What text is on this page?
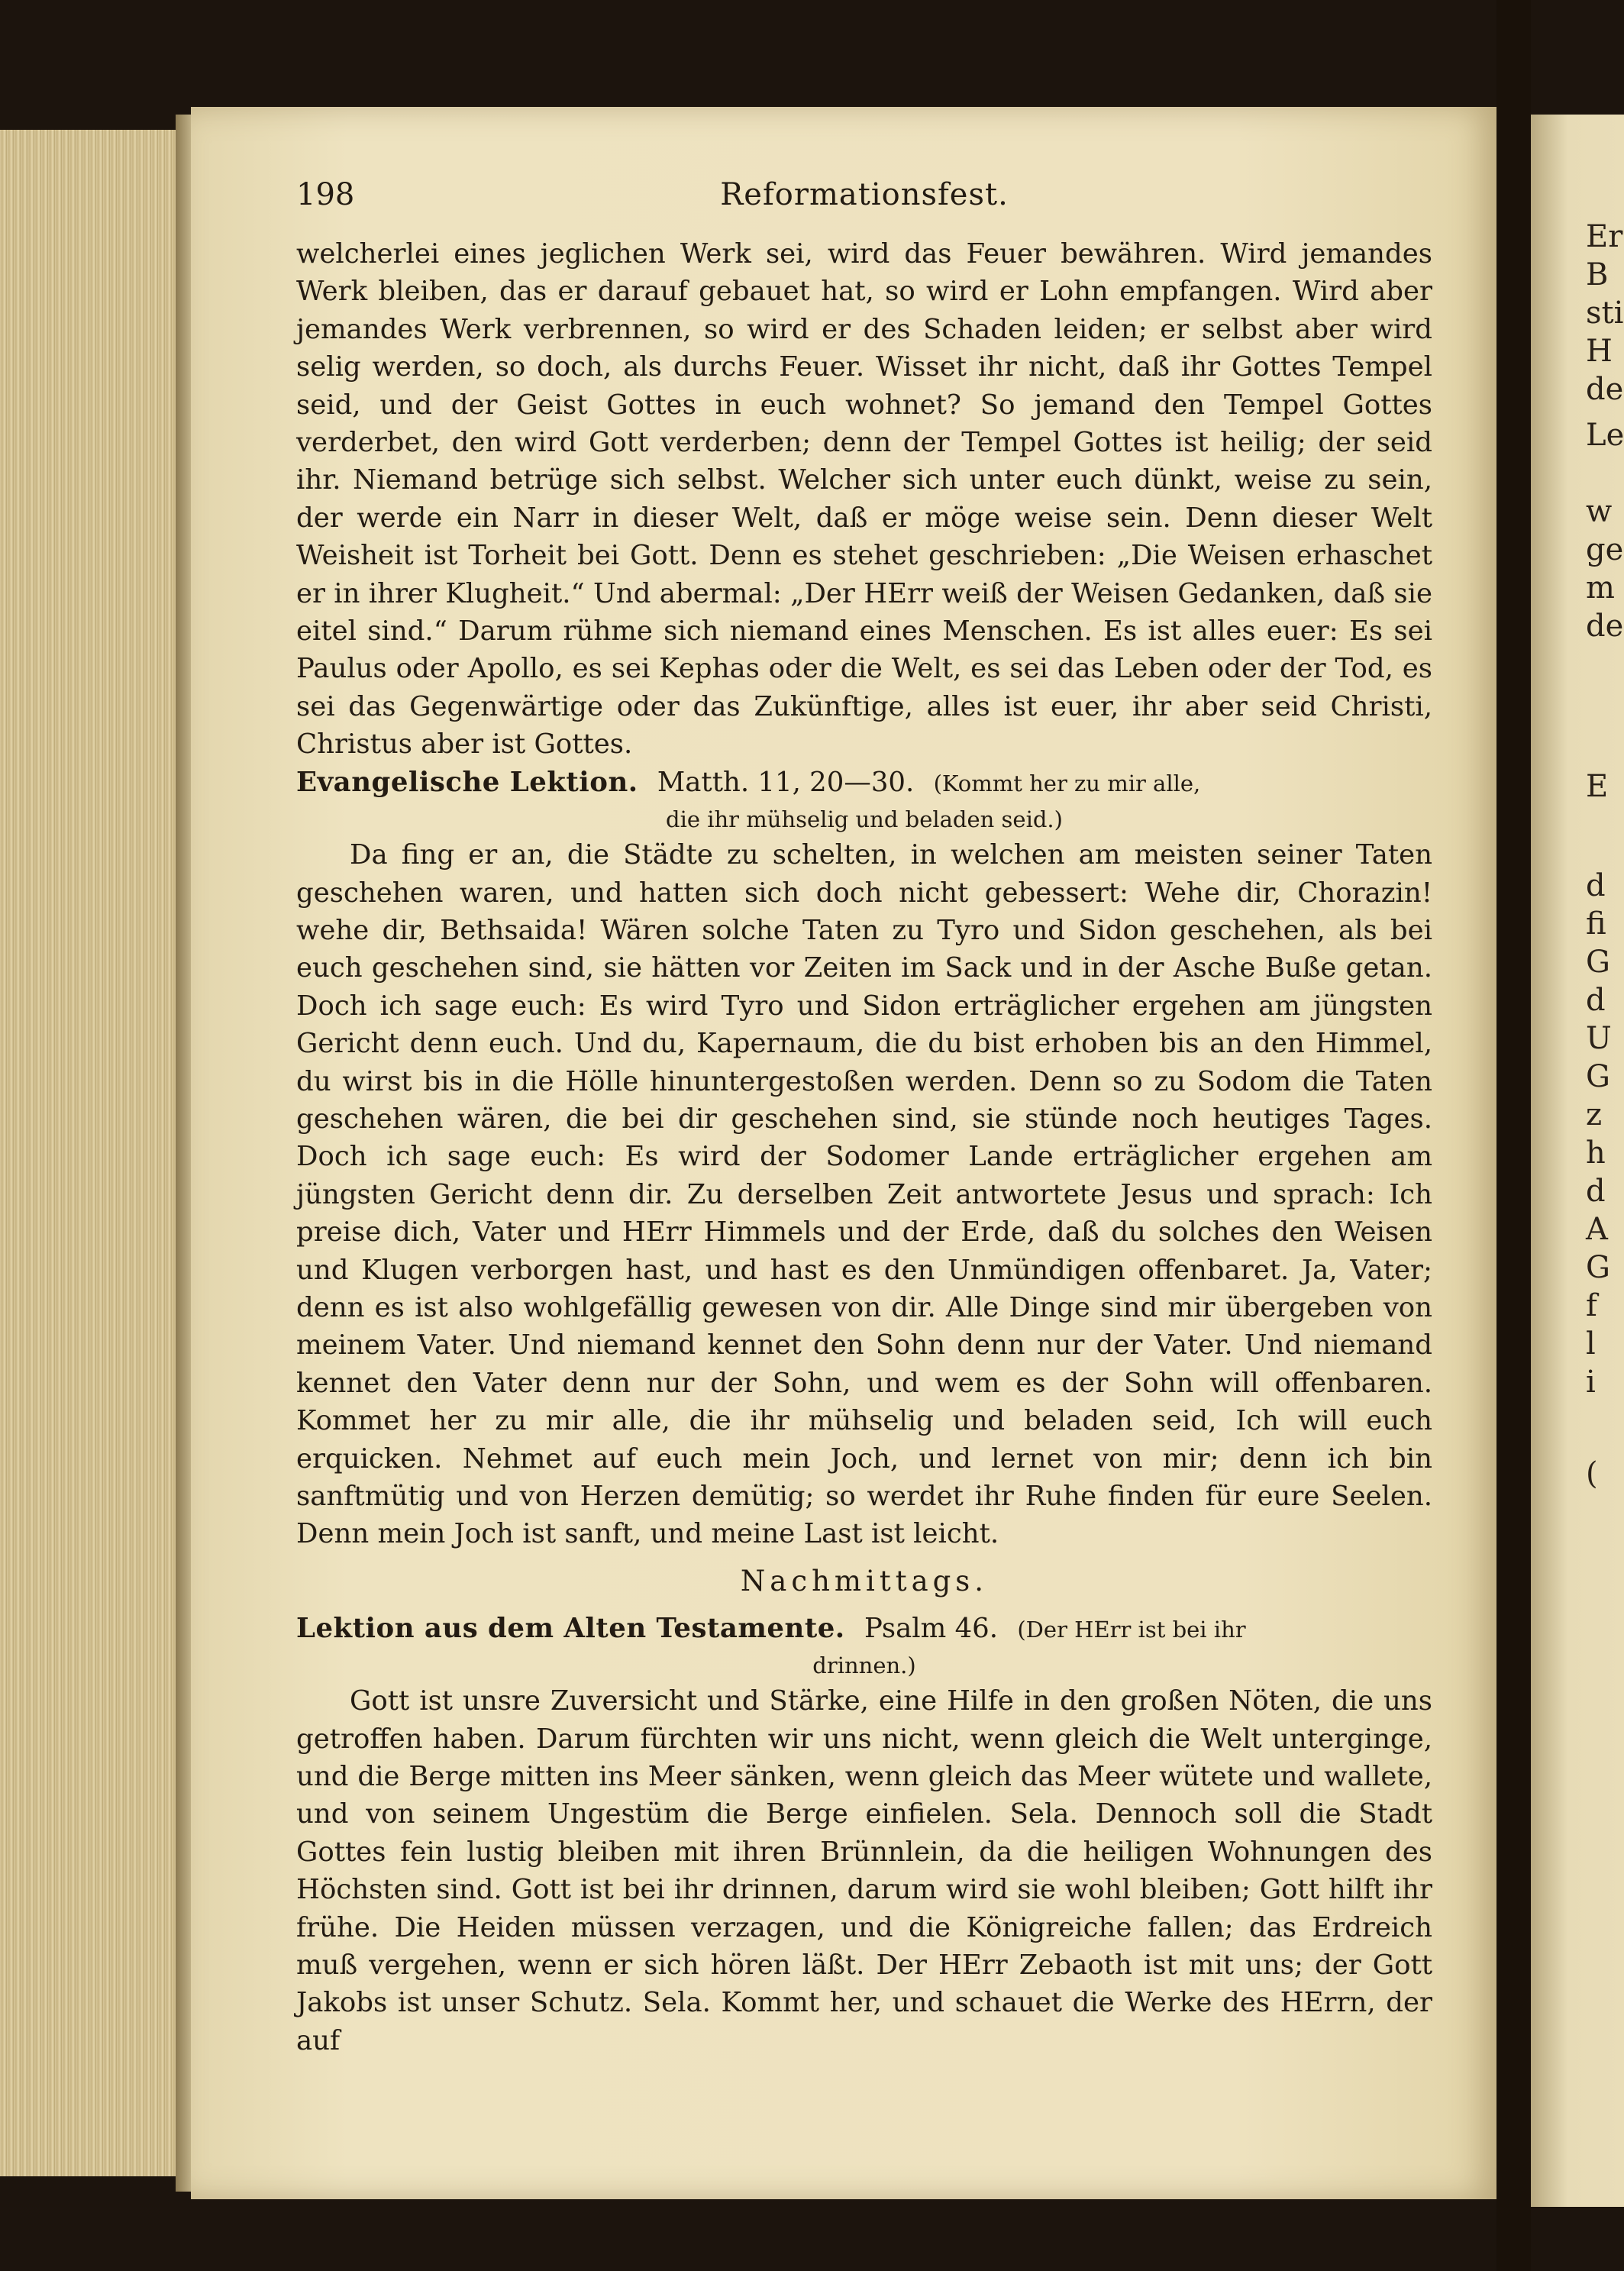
198	Reformationsfest.

welcherlei eines jeglichen Werk sei, wird das Feuer bewähren. Wird jemandes Werk bleiben, das er darauf gebauet hat, so wird er Lohn empfangen. Wird aber jemandes Werk verbrennen, so wird er des Schaden leiden; er selbst aber wird selig werden, so doch, als durchs Feuer. Wisset ihr nicht, daß ihr Gottes Tempel seid, und der Geist Gottes in euch wohnet? So jemand den Tempel Gottes verderbet, den wird Gott verderben; denn der Tempel Gottes ist heilig; der seid ihr. Niemand betrüge sich selbst. Welcher sich unter euch dünkt, weise zu sein, der werde ein Narr in dieser Welt, daß er möge weise sein. Denn dieser Welt Weisheit ist Torheit bei Gott. Denn es stehet geschrieben: „Die Weisen erhaschet er in ihrer Klugheit.“ Und abermal: „Der HErr weiß der Weisen Gedanken, daß sie eitel sind.“ Darum rühme sich niemand eines Menschen. Es ist alles euer: Es sei Paulus oder Apollo, es sei Kephas oder die Welt, es sei das Leben oder der Tod, es sei das Gegenwärtige oder das Zukünftige, alles ist euer, ihr aber seid Christi, Christus aber ist Gottes.

Evangelische Lektion. Matth. 11, 20—30. (Kommt her zu mir alle,

die ihr mühselig und beladen seid.)

Da fing er an, die Städte zu schelten, in welchen am meisten seiner Taten geschehen waren, und hatten sich doch nicht gebessert: Wehe dir, Chorazin! wehe dir, Bethsaida! Wären solche Taten zu Tyro und Sidon geschehen, als bei euch geschehen sind, sie hätten vor Zeiten im Sack und in der Asche Buße getan. Doch ich sage euch: Es wird Tyro und Sidon erträglicher ergehen am jüngsten Gericht denn euch. Und du, Kapernaum, die du bist erhoben bis an den Himmel, du wirst bis in die Hölle hinuntergestoßen werden. Denn so zu Sodom die Taten geschehen wären, die bei dir geschehen sind, sie stünde noch heutiges Tages. Doch ich sage euch: Es wird der Sodomer Lande erträglicher ergehen am jüngsten Gericht denn dir. Zu derselben Zeit antwortete Jesus und sprach: Ich preise dich, Vater und HErr Himmels und der Erde, daß du solches den Weisen und Klugen verborgen hast, und hast es den Unmündigen offenbaret. Ja, Vater; denn es ist also wohlgefällig gewesen von dir. Alle Dinge sind mir übergeben von meinem Vater. Und niemand kennet den Sohn denn nur der Vater. Und niemand kennet den Vater denn nur der Sohn, und wem es der Sohn will offenbaren. Kommet her zu mir alle, die ihr mühselig und beladen seid, Ich will euch erquicken. Nehmet auf euch mein Joch, und lernet von mir; denn ich bin sanftmütig und von Herzen demütig; so werdet ihr Ruhe finden für eure Seelen. Denn mein Joch ist sanft, und meine Last ist leicht.

Nachmittags.

Lektion aus dem Alten Testamente. Psalm 46. (Der HErr ist bei ihr

drinnen.)

Gott ist unsre Zuversicht und Stärke, eine Hilfe in den großen Nöten, die uns getroffen haben. Darum fürchten wir uns nicht, wenn gleich die Welt unterginge, und die Berge mitten ins Meer sänken, wenn gleich das Meer wütete und wallete, und von seinem Ungestüm die Berge einfielen. Sela. Dennoch soll die Stadt Gottes fein lustig bleiben mit ihren Brünnlein, da die heiligen Wohnungen des Höchsten sind. Gott ist bei ihr drinnen, darum wird sie wohl bleiben; Gott hilft ihr frühe. Die Heiden müssen verzagen, und die Königreiche fallen; das Erdreich muß vergehen, wenn er sich hören läßt. Der HErr Zebaoth ist mit uns; der Gott Jakobs ist unser Schutz. Sela. Kommt her, und schauet die Werke des HErrn, der auf

Er
B
sti
H
de
Le
w
ge
m
de
E
d
fi
G
d
U
G
z
h
d
A
G
f
l
i
(
